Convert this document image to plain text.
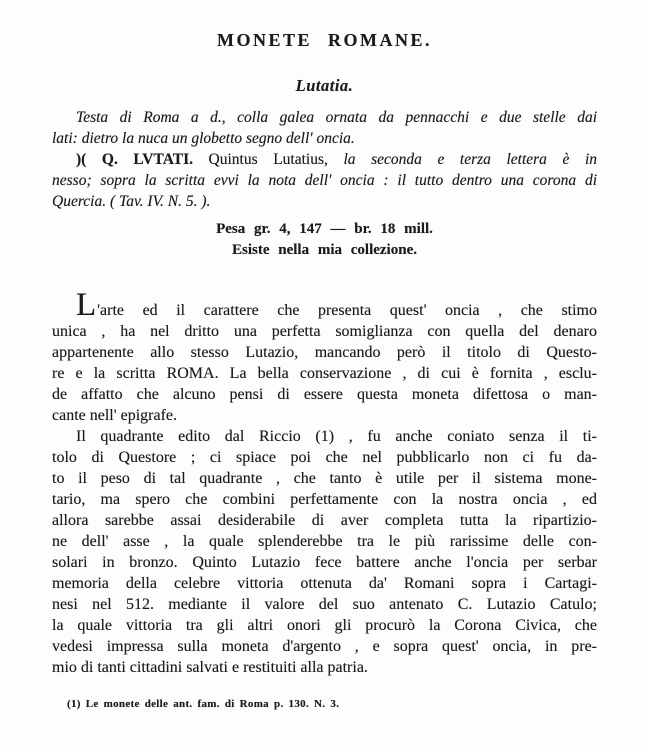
MONETE ROMANE.
Lutatia.
Testa di Roma a d., colla galea ornata da pennacchi e due stelle dai
lati: dietro la nuca un globetto segno dell' oncia.
)( Q. LVTATI. Quintus Lutatius, la seconda e terza lettera è in
nesso; sopra la scritta evvi la nota dell' oncia : il tutto dentro una corona di
Quercia. ( Tav. IV. N. 5. ).
Pesa gr. 4, 147 — br. 18 mill.
Esiste nella mia collezione.
L'arte ed il carattere che presenta quest' oncia , che stimo
unica , ha nel dritto una perfetta somiglianza con quella del denaro
appartenente allo stesso Lutazio, mancando però il titolo di Questo-
re e la scritta ROMA. La bella conservazione , di cui è fornita , esclu-
de affatto che alcuno pensi di essere questa moneta difettosa o man-
cante nell' epigrafe.
Il quadrante edito dal Riccio (1) , fu anche coniato senza il ti-
tolo di Questore ; ci spiace poi che nel pubblicarlo non ci fu da-
to il peso di tal quadrante , che tanto è utile per il sistema mone-
tario, ma spero che combini perfettamente con la nostra oncia , ed
allora sarebbe assai desiderabile di aver completa tutta la ripartizio-
ne dell' asse , la quale splenderebbe tra le più rarissime delle con-
solari in bronzo. Quinto Lutazio fece battere anche l'oncia per serbar
memoria della celebre vittoria ottenuta da' Romani sopra i Cartagi-
nesi nel 512. mediante il valore del suo antenato C. Lutazio Catulo;
la quale vittoria tra gli altri onori gli procurò la Corona Civica, che
vedesi impressa sulla moneta d'argento , e sopra quest' oncia, in pre-
mio di tanti cittadini salvati e restituiti alla patria.
(1) Le monete delle ant. fam. di Roma p. 130. N. 3.
